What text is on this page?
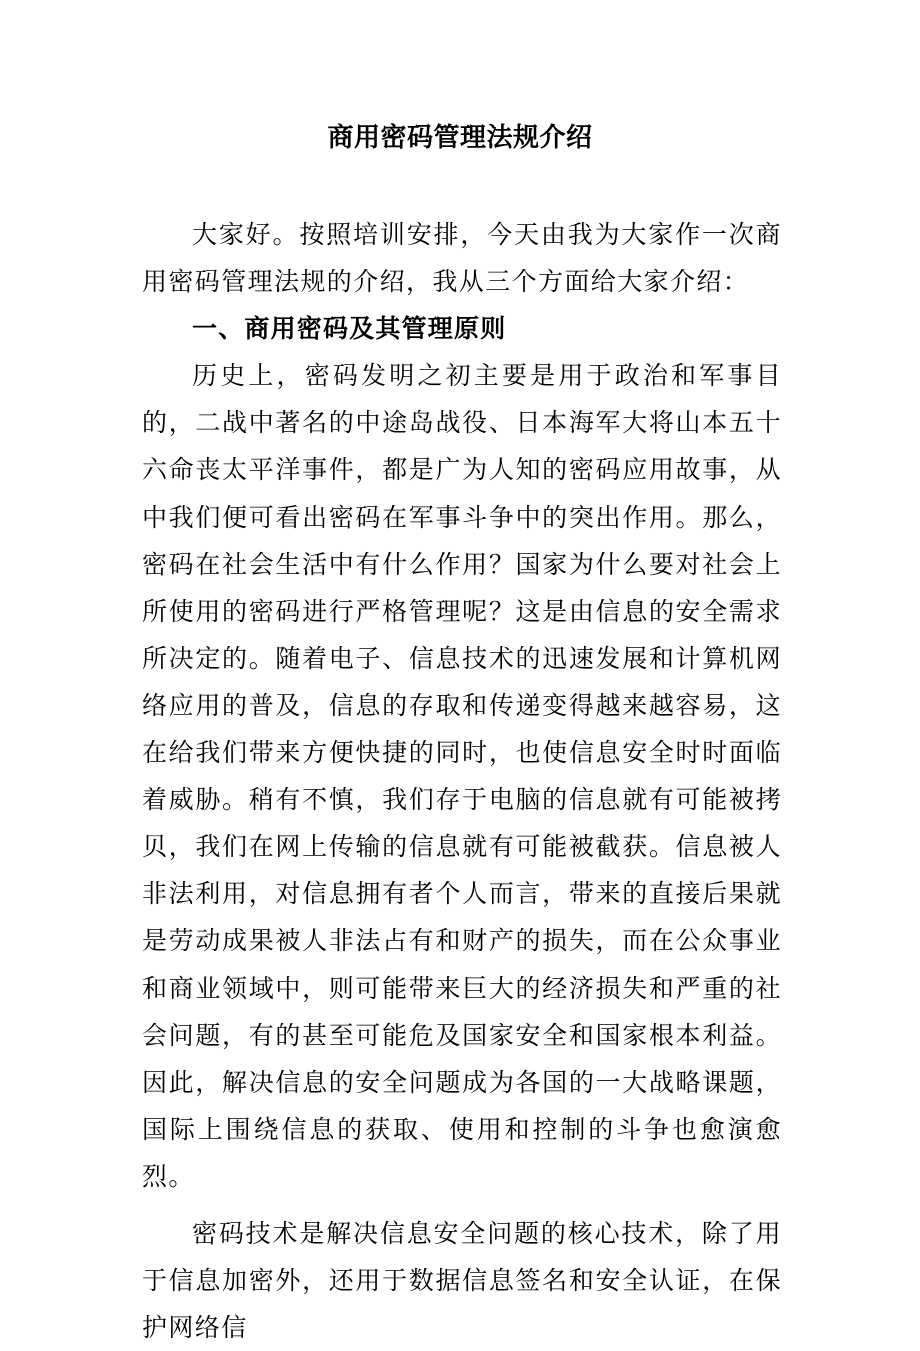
商用密码管理法规介绍

大家好。按照培训安排，今天由我为大家作一次商用密码管理法规的介绍，我从三个方面给大家介绍：

一、商用密码及其管理原则

历史上，密码发明之初主要是用于政治和军事目的，二战中著名的中途岛战役、日本海军大将山本五十六命丧太平洋事件，都是广为人知的密码应用故事，从中我们便可看出密码在军事斗争中的突出作用。那么，密码在社会生活中有什么作用？国家为什么要对社会上所使用的密码进行严格管理呢？这是由信息的安全需求所决定的。随着电子、信息技术的迅速发展和计算机网络应用的普及，信息的存取和传递变得越来越容易，这在给我们带来方便快捷的同时，也使信息安全时时面临着威胁。稍有不慎，我们存于电脑的信息就有可能被拷贝，我们在网上传输的信息就有可能被截获。信息被人非法利用，对信息拥有者个人而言，带来的直接后果就是劳动成果被人非法占有和财产的损失，而在公众事业和商业领域中，则可能带来巨大的经济损失和严重的社会问题，有的甚至可能危及国家安全和国家根本利益。因此，解决信息的安全问题成为各国的一大战略课题，国际上围绕信息的获取、使用和控制的斗争也愈演愈烈。

密码技术是解决信息安全问题的核心技术，除了用于信息加密外，还用于数据信息签名和安全认证，在保护网络信
